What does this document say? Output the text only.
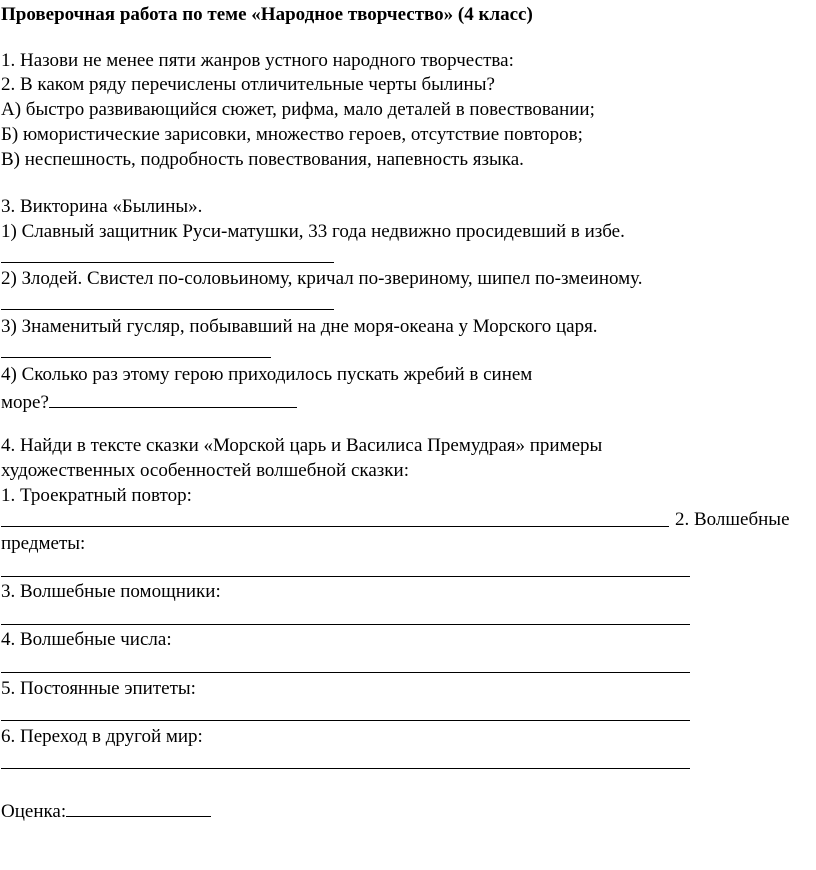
Проверочная работа по теме «Народное творчество» (4 класс)
1. Назови не менее пяти жанров устного народного творчества:
2. В каком ряду перечислены отличительные черты былины?
А) быстро развивающийся сюжет, рифма, мало деталей в повествовании;
Б) юмористические зарисовки, множество героев, отсутствие повторов;
В) неспешность, подробность повествования, напевность языка.
3. Викторина «Былины».
1) Славный защитник Руси-матушки, 33 года недвижно просидевший в избе.
2) Злодей. Свистел по-соловьиному, кричал по-звериному, шипел по-змеиному.
3) Знаменитый гусляр, побывавший на дне моря-океана у Морского царя.
4) Сколько раз этому герою приходилось пускать жребий в синем
море?
4. Найди в тексте сказки «Морской царь и Василиса Премудрая» примеры
художественных особенностей волшебной сказки:
1. Троекратный повтор:
2. Волшебные
предметы:
3. Волшебные помощники:
4. Волшебные числа:
5. Постоянные эпитеты:
6. Переход в другой мир:
Оценка:
